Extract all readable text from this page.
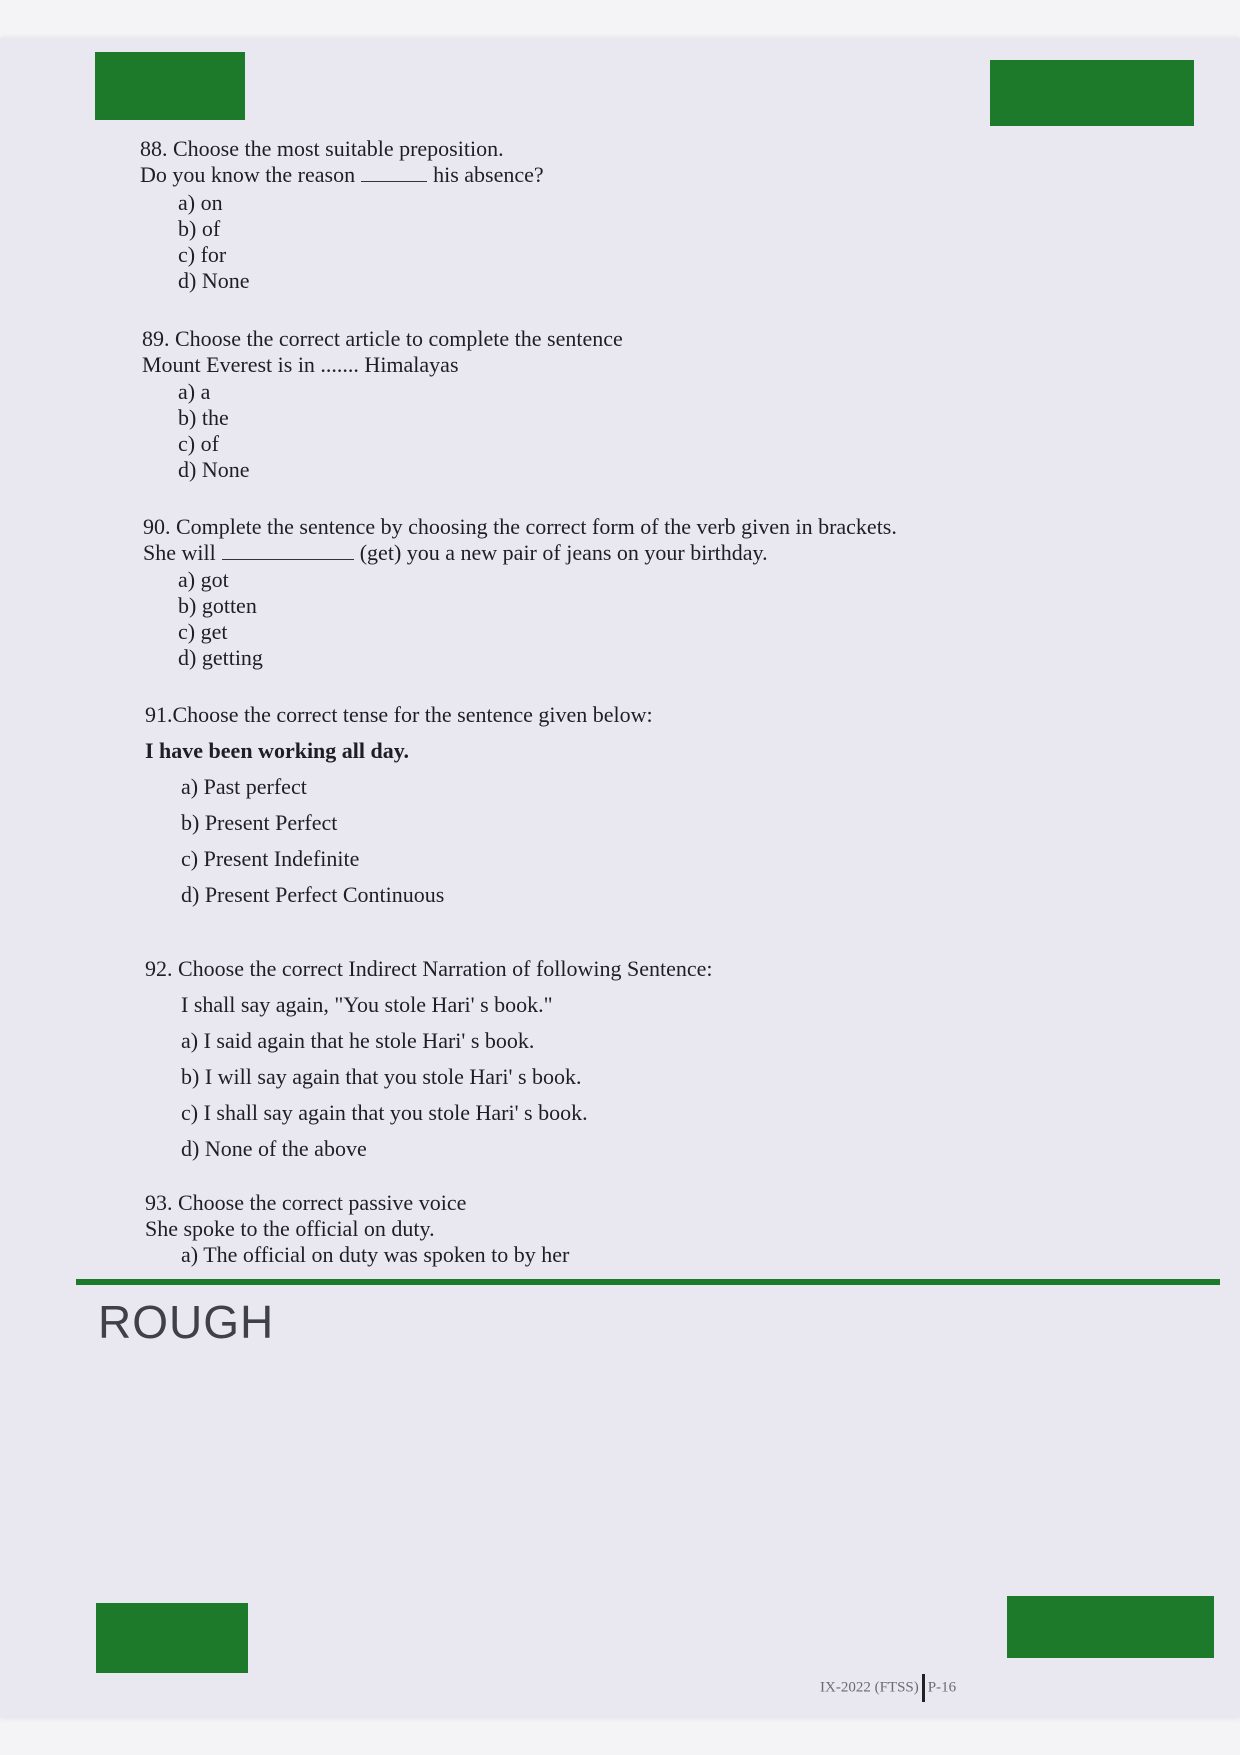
88. Choose the most suitable preposition.
Do you know the reason	his absence?
a) on
b) of
c) for
d) None
89. Choose the correct article to complete the sentence
Mount Everest is in ....... Himalayas
a) a
b) the
c) of
d) None
90. Complete the sentence by choosing the correct form of the verb given in brackets.
She will	(get) you a new pair of jeans on your birthday.
a) got
b) gotten
c) get
d) getting
91.Choose the correct tense for the sentence given below:
I have been working all day.
a) Past perfect
b) Present Perfect
c) Present Indefinite
d) Present Perfect Continuous
92. Choose the correct Indirect Narration of following Sentence:
I shall say again, "You stole Hari' s book."
a) I said again that he stole Hari' s book.
b) I will say again that you stole Hari' s book.
c) I shall say again that you stole Hari' s book.
d) None of the above
93. Choose the correct passive voice
She spoke to the official on duty.
a) The official on duty was spoken to by her
ROUGH
IX-2022 (FTSS) P-16
